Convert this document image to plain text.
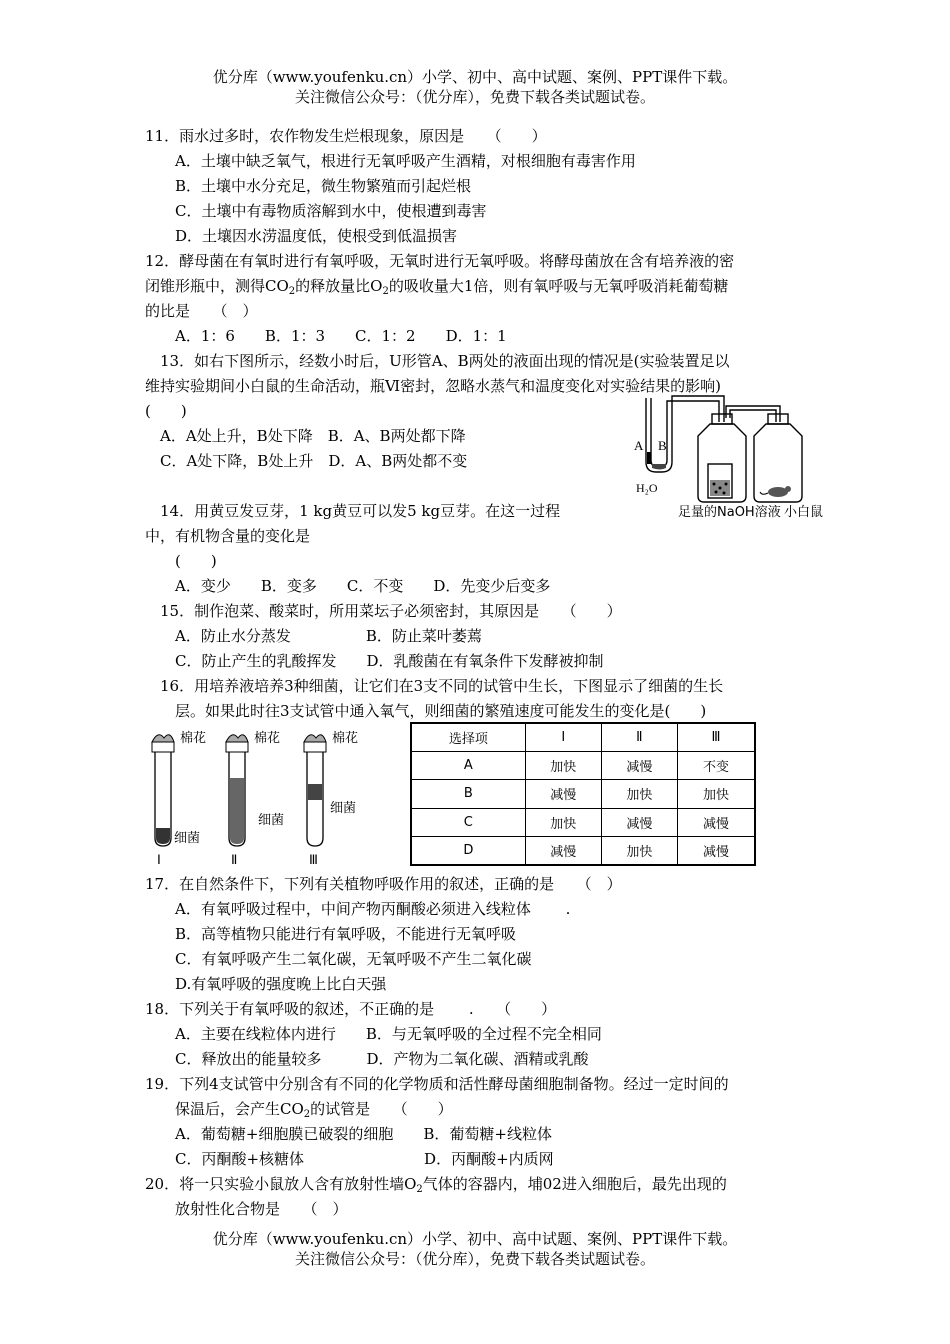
优分库（www.youfenku.cn）小学、初中、高中试题、案例、PPT课件下载。
关注微信公众号：（优分库），免费下载各类试题试卷。
11．雨水过多时，农作物发生烂根现象，原因是　　（　　）
A．土壤中缺乏氧气，根进行无氧呼吸产生酒精，对根细胞有毒害作用
B．土壤中水分充足，微生物繁殖而引起烂根
C．土壤中有毒物质溶解到水中，使根遭到毒害
D．土壤因水涝温度低，使根受到低温损害
12．酵母菌在有氧时进行有氧呼吸，无氧时进行无氧呼吸。将酵母菌放在含有培养液的密
闭锥形瓶中，测得$CO_2$的释放量比$O_2$的吸收量大1倍，则有氧呼吸与无氧呼吸消耗葡萄糖
的比是　　（　）
A．1：6　　B．1：3　　C．1：2　　D．1：1
13．如右下图所示，经数小时后，U形管A、B两处的液面出现的情况是(实验装置足以
维持实验期间小白鼠的生命活动，瓶Ⅵ密封，忽略水蒸气和温度变化对实验结果的影响)
(　　)
A．A处上升，B处下降　B．A、B两处都下降
C．A处下降，B处上升　D．A、B两处都不变
A B
H₂O
足量的NaOH溶液 小白鼠
14．用黄豆发豆芽，1 kg黄豆可以发5 kg豆芽。在这一过程
中，有机物含量的变化是
(　　)
A．变少　　B．变多　　C．不变　　D．先变少后变多
15．制作泡菜、酸菜时，所用菜坛子必须密封，其原因是　　（　　）
A．防止水分蒸发　　　　　B．防止菜叶萎蔫
C．防止产生的乳酸挥发　　D．乳酸菌在有氧条件下发酵被抑制
16．用培养液培养3种细菌，让它们在3支不同的试管中生长，下图显示了细菌的生长
层。如果此时往3支试管中通入氧气，则细菌的繁殖速度可能发生的变化是(　　)
棉花
细菌
Ⅰ
棉花
细菌
Ⅱ
棉花
细菌
Ⅲ
选择项	Ⅰ	Ⅱ	Ⅲ
A	加快	减慢	不变
B	减慢	加快	加快
C	加快	减慢	减慢
D	减慢	加快	减慢
17．在自然条件下，下列有关植物呼吸作用的叙述，正确的是　　（　）
A．有氧呼吸过程中，中间产物丙酮酸必须进入线粒体　　 .
B．高等植物只能进行有氧呼吸，不能进行无氧呼吸
C．有氧呼吸产生二氧化碳，无氧呼吸不产生二氧化碳
D.有氧呼吸的强度晚上比白天强
18．下列关于有氧呼吸的叙述，不正确的是　　 .　　（　　）
A．主要在线粒体内进行　　B．与无氧呼吸的全过程不完全相同
C．释放出的能量较多　　　D．产物为二氧化碳、酒精或乳酸
19．下列4支试管中分别含有不同的化学物质和活性酵母菌细胞制备物。经过一定时间的
保温后，会产生$CO_2$的试管是　　（　　）
A．葡萄糖+细胞膜已破裂的细胞　　B．葡萄糖+线粒体
C．丙酮酸+核糖体　　　　　　　　D．丙酮酸+内质网
20．将一只实验小鼠放人含有放射性墙$O_2$气体的容器内，埔02进入细胞后，最先出现的
放射性化合物是　　（　）
优分库（www.youfenku.cn）小学、初中、高中试题、案例、PPT课件下载。
关注微信公众号：（优分库），免费下载各类试题试卷。
